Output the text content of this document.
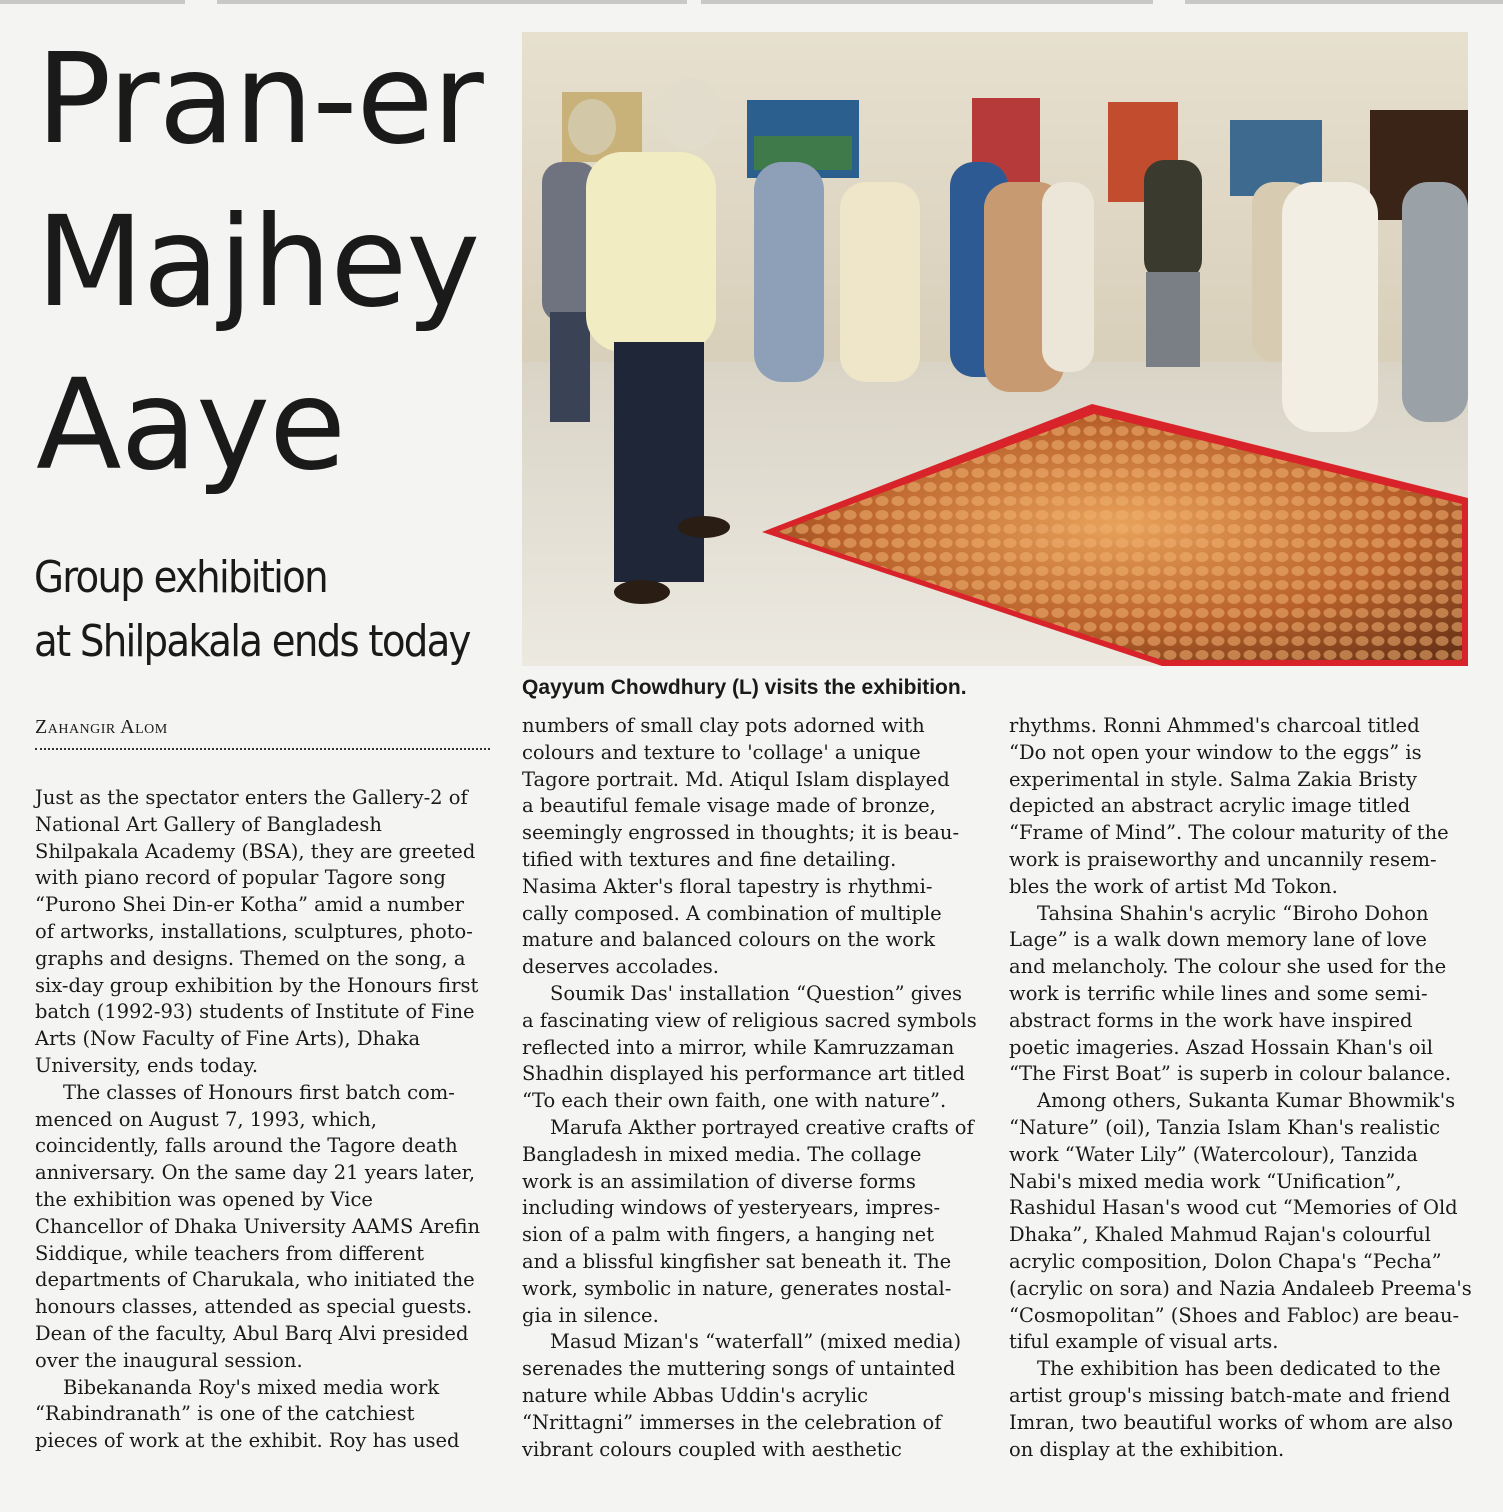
Pran-er
Majhey
Aaye
Group exhibition
at Shilpakala ends today
Qayyum Chowdhury (L) visits the exhibition.
Zahangir Alom

Just as the spectator enters the Gallery-2 of
National Art Gallery of Bangladesh
Shilpakala Academy (BSA), they are greeted
with piano record of popular Tagore song
“Purono Shei Din-er Kotha” amid a number
of artworks, installations, sculptures, photo-
graphs and designs. Themed on the song, a
six-day group exhibition by the Honours first
batch (1992-93) students of Institute of Fine
Arts (Now Faculty of Fine Arts), Dhaka
University, ends today.

The classes of Honours first batch com-
menced on August 7, 1993, which,
coincidently, falls around the Tagore death
anniversary. On the same day 21 years later,
the exhibition was opened by Vice
Chancellor of Dhaka University AAMS Arefin
Siddique, while teachers from different
departments of Charukala, who initiated the
honours classes, attended as special guests.
Dean of the faculty, Abul Barq Alvi presided
over the inaugural session.

Bibekananda Roy's mixed media work
“Rabindranath” is one of the catchiest
pieces of work at the exhibit. Roy has used

numbers of small clay pots adorned with
colours and texture to 'collage' a unique
Tagore portrait. Md. Atiqul Islam displayed
a beautiful female visage made of bronze,
seemingly engrossed in thoughts; it is beau-
tified with textures and fine detailing.
Nasima Akter's floral tapestry is rhythmi-
cally composed. A combination of multiple
mature and balanced colours on the work
deserves accolades.

Soumik Das' installation “Question” gives
a fascinating view of religious sacred symbols
reflected into a mirror, while Kamruzzaman
Shadhin displayed his performance art titled
“To each their own faith, one with nature”.

Marufa Akther portrayed creative crafts of
Bangladesh in mixed media. The collage
work is an assimilation of diverse forms
including windows of yesteryears, impres-
sion of a palm with fingers, a hanging net
and a blissful kingfisher sat beneath it. The
work, symbolic in nature, generates nostal-
gia in silence.

Masud Mizan's “waterfall” (mixed media)
serenades the muttering songs of untainted
nature while Abbas Uddin's acrylic
“Nrittagni” immerses in the celebration of
vibrant colours coupled with aesthetic

rhythms. Ronni Ahmmed's charcoal titled
“Do not open your window to the eggs” is
experimental in style. Salma Zakia Bristy
depicted an abstract acrylic image titled
“Frame of Mind”. The colour maturity of the
work is praiseworthy and uncannily resem-
bles the work of artist Md Tokon.

Tahsina Shahin's acrylic “Biroho Dohon
Lage” is a walk down memory lane of love
and melancholy. The colour she used for the
work is terrific while lines and some semi-
abstract forms in the work have inspired
poetic imageries. Aszad Hossain Khan's oil
“The First Boat” is superb in colour balance.

Among others, Sukanta Kumar Bhowmik's
“Nature” (oil), Tanzia Islam Khan's realistic
work “Water Lily” (Watercolour), Tanzida
Nabi's mixed media work “Unification”,
Rashidul Hasan's wood cut “Memories of Old
Dhaka”, Khaled Mahmud Rajan's colourful
acrylic composition, Dolon Chapa's “Pecha”
(acrylic on sora) and Nazia Andaleeb Preema's
“Cosmopolitan” (Shoes and Fabloc) are beau-
tiful example of visual arts.

The exhibition has been dedicated to the
artist group's missing batch-mate and friend
Imran, two beautiful works of whom are also
on display at the exhibition.
